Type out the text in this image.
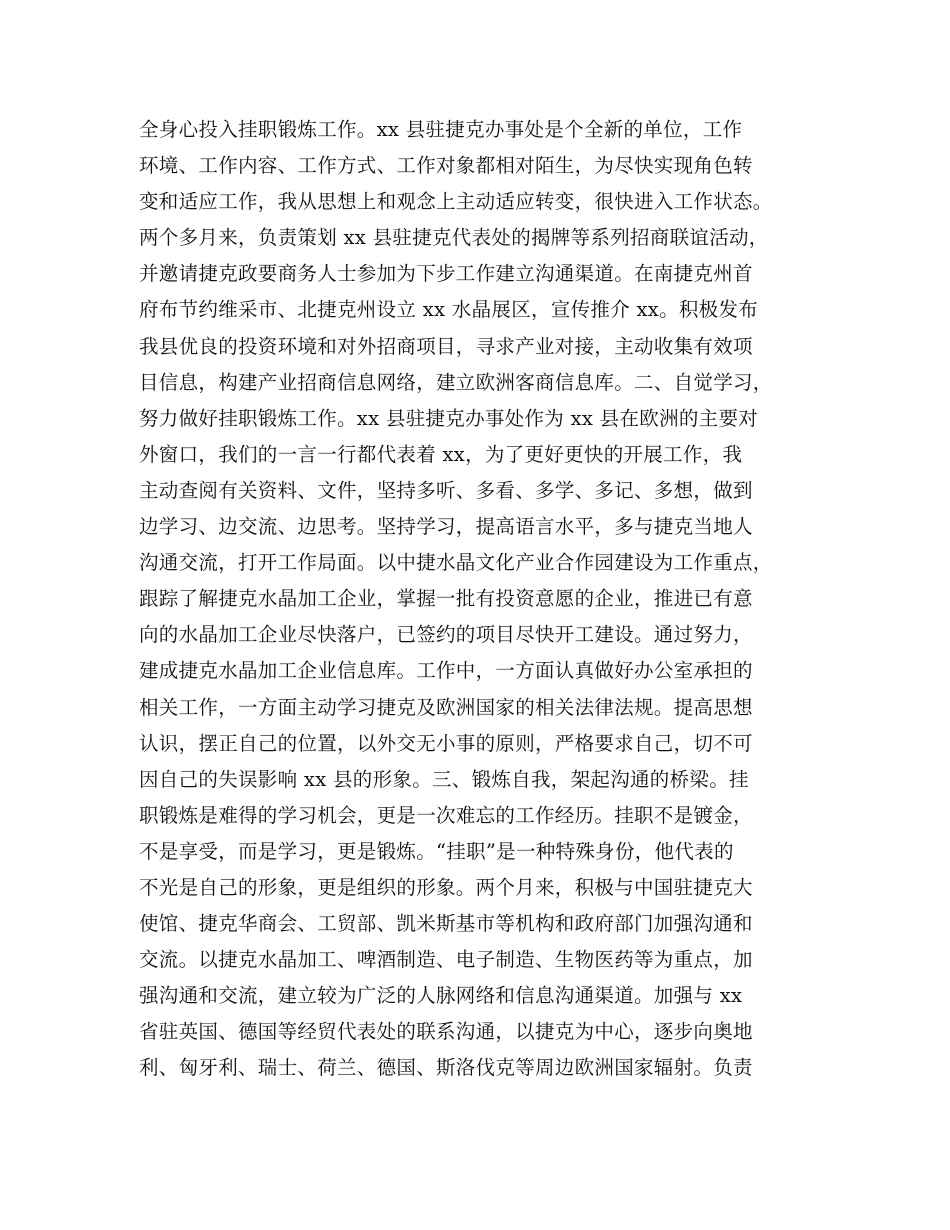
全身心投入挂职锻炼工作。xx 县驻捷克办事处是个全新的单位，工作
环境、工作内容、工作方式、工作对象都相对陌生，为尽快实现角色转
变和适应工作，我从思想上和观念上主动适应转变，很快进入工作状态。
两个多月来，负责策划 xx 县驻捷克代表处的揭牌等系列招商联谊活动，
并邀请捷克政要商务人士参加为下步工作建立沟通渠道。在南捷克州首
府布节约维采市、北捷克州设立 xx 水晶展区，宣传推介 xx。积极发布
我县优良的投资环境和对外招商项目，寻求产业对接，主动收集有效项
目信息，构建产业招商信息网络，建立欧洲客商信息库。二、自觉学习，
努力做好挂职锻炼工作。xx 县驻捷克办事处作为 xx 县在欧洲的主要对
外窗口，我们的一言一行都代表着 xx，为了更好更快的开展工作，我
主动查阅有关资料、文件，坚持多听、多看、多学、多记、多想，做到
边学习、边交流、边思考。坚持学习，提高语言水平，多与捷克当地人
沟通交流，打开工作局面。以中捷水晶文化产业合作园建设为工作重点，
跟踪了解捷克水晶加工企业，掌握一批有投资意愿的企业，推进已有意
向的水晶加工企业尽快落户，已签约的项目尽快开工建设。通过努力，
建成捷克水晶加工企业信息库。工作中，一方面认真做好办公室承担的
相关工作，一方面主动学习捷克及欧洲国家的相关法律法规。提高思想
认识，摆正自己的位置，以外交无小事的原则，严格要求自己，切不可
因自己的失误影响 xx 县的形象。三、锻炼自我，架起沟通的桥梁。挂
职锻炼是难得的学习机会，更是一次难忘的工作经历。挂职不是镀金，
不是享受，而是学习，更是锻炼。“挂职”是一种特殊身份，他代表的
不光是自己的形象，更是组织的形象。两个月来，积极与中国驻捷克大
使馆、捷克华商会、工贸部、凯米斯基市等机构和政府部门加强沟通和
交流。以捷克水晶加工、啤酒制造、电子制造、生物医药等为重点，加
强沟通和交流，建立较为广泛的人脉网络和信息沟通渠道。加强与 xx
省驻英国、德国等经贸代表处的联系沟通，以捷克为中心，逐步向奥地
利、匈牙利、瑞士、荷兰、德国、斯洛伐克等周边欧洲国家辐射。负责
